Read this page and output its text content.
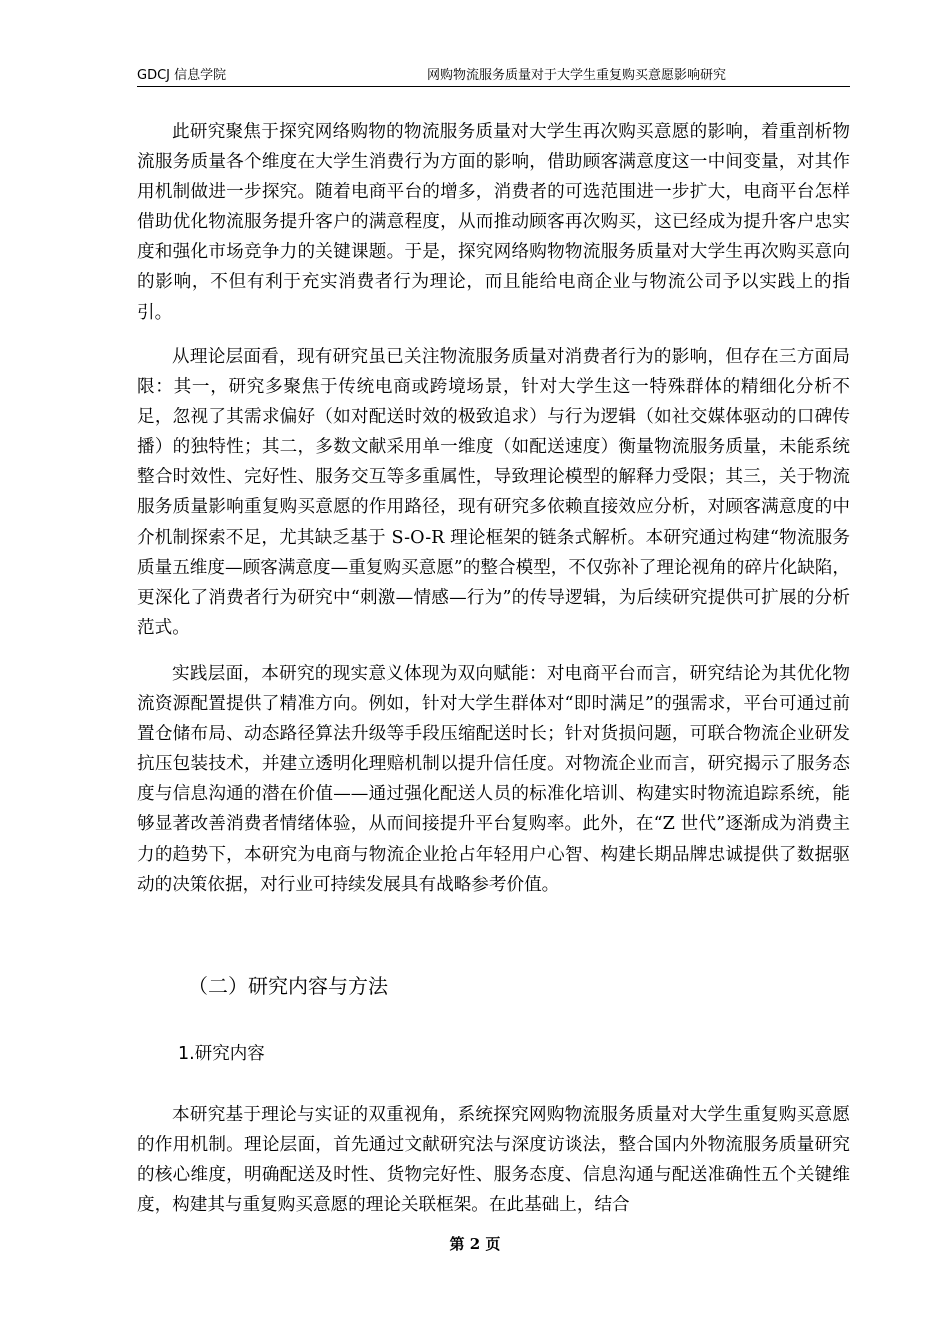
GDCJ 信息学院	网购物流服务质量对于大学生重复购买意愿影响研究

此研究聚焦于探究网络购物的物流服务质量对大学生再次购买意愿的影响，着重剖析物流服务质量各个维度在大学生消费行为方面的影响，借助顾客满意度这一中间变量，对其作用机制做进一步探究。随着电商平台的增多，消费者的可选范围进一步扩大，电商平台怎样借助优化物流服务提升客户的满意程度，从而推动顾客再次购买，这已经成为提升客户忠实度和强化市场竞争力的关键课题。于是，探究网络购物物流服务质量对大学生再次购买意向的影响，不但有利于充实消费者行为理论，而且能给电商企业与物流公司予以实践上的指引。

从理论层面看，现有研究虽已关注物流服务质量对消费者行为的影响，但存在三方面局限：其一，研究多聚焦于传统电商或跨境场景，针对大学生这一特殊群体的精细化分析不足，忽视了其需求偏好（如对配送时效的极致追求）与行为逻辑（如社交媒体驱动的口碑传播）的独特性；其二，多数文献采用单一维度（如配送速度）衡量物流服务质量，未能系统整合时效性、完好性、服务交互等多重属性，导致理论模型的解释力受限；其三，关于物流服务质量影响重复购买意愿的作用路径，现有研究多依赖直接效应分析，对顾客满意度的中介机制探索不足，尤其缺乏基于 S-O-R 理论框架的链条式解析。本研究通过构建“物流服务质量五维度—顾客满意度—重复购买意愿”的整合模型，不仅弥补了理论视角的碎片化缺陷，更深化了消费者行为研究中“刺激—情感—行为”的传导逻辑，为后续研究提供可扩展的分析范式。

实践层面，本研究的现实意义体现为双向赋能：对电商平台而言，研究结论为其优化物流资源配置提供了精准方向。例如，针对大学生群体对“即时满足”的强需求，平台可通过前置仓储布局、动态路径算法升级等手段压缩配送时长；针对货损问题，可联合物流企业研发抗压包装技术，并建立透明化理赔机制以提升信任度。对物流企业而言，研究揭示了服务态度与信息沟通的潜在价值——通过强化配送人员的标准化培训、构建实时物流追踪系统，能够显著改善消费者情绪体验，从而间接提升平台复购率。此外，在“Z 世代”逐渐成为消费主力的趋势下，本研究为电商与物流企业抢占年轻用户心智、构建长期品牌忠诚提供了数据驱动的决策依据，对行业可持续发展具有战略参考价值。

（二）研究内容与方法
1.研究内容

本研究基于理论与实证的双重视角，系统探究网购物流服务质量对大学生重复购买意愿的作用机制。理论层面，首先通过文献研究法与深度访谈法，整合国内外物流服务质量研究的核心维度，明确配送及时性、货物完好性、服务态度、信息沟通与配送准确性五个关键维度，构建其与重复购买意愿的理论关联框架。在此基础上，结合

第 2 页
